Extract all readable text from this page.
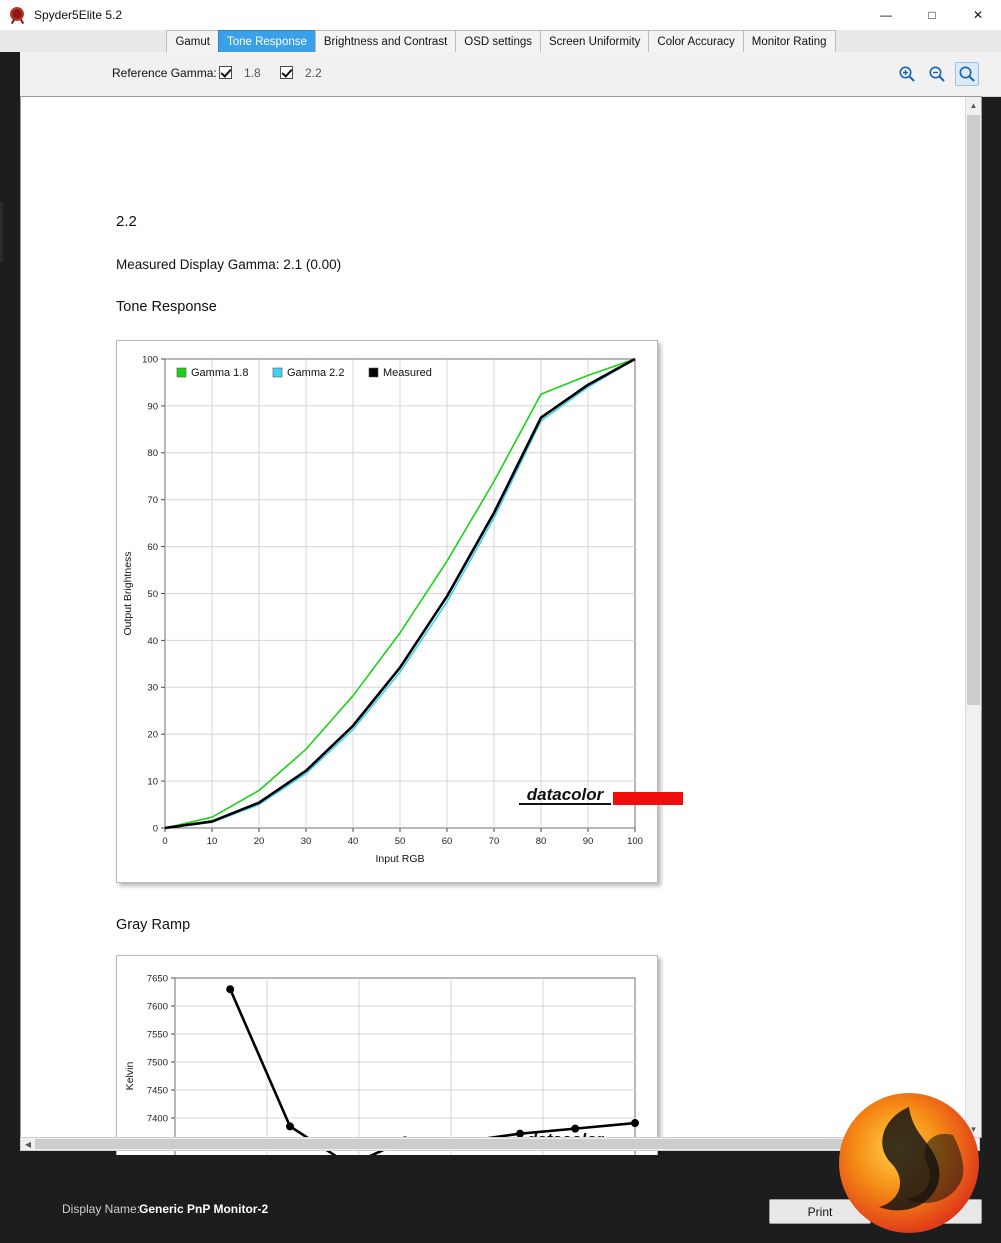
Spyder5Elite 5.2	—	□	✕
Gamut	Tone Response	Brightness and Contrast	OSD settings	Screen Uniformity	Color Accuracy	Monitor Rating
Reference Gamma: 1.8	2.2
2.2
Measured Display Gamma: 2.1 (0.00)
Tone Response
0	10	20	30	40	50	60	70	80	90	100
0
10
20
30
40
50
60
70
80
90
100
Input RGB
Output Brightness
Gamma 1.8	Gamma 2.2	Measured
datacolor
Gray Ramp
7400
7450
7500
7550
7600
7650
Kelvin
▲
▼
◀
Display Name:
Generic PnP Monitor-2	Print
